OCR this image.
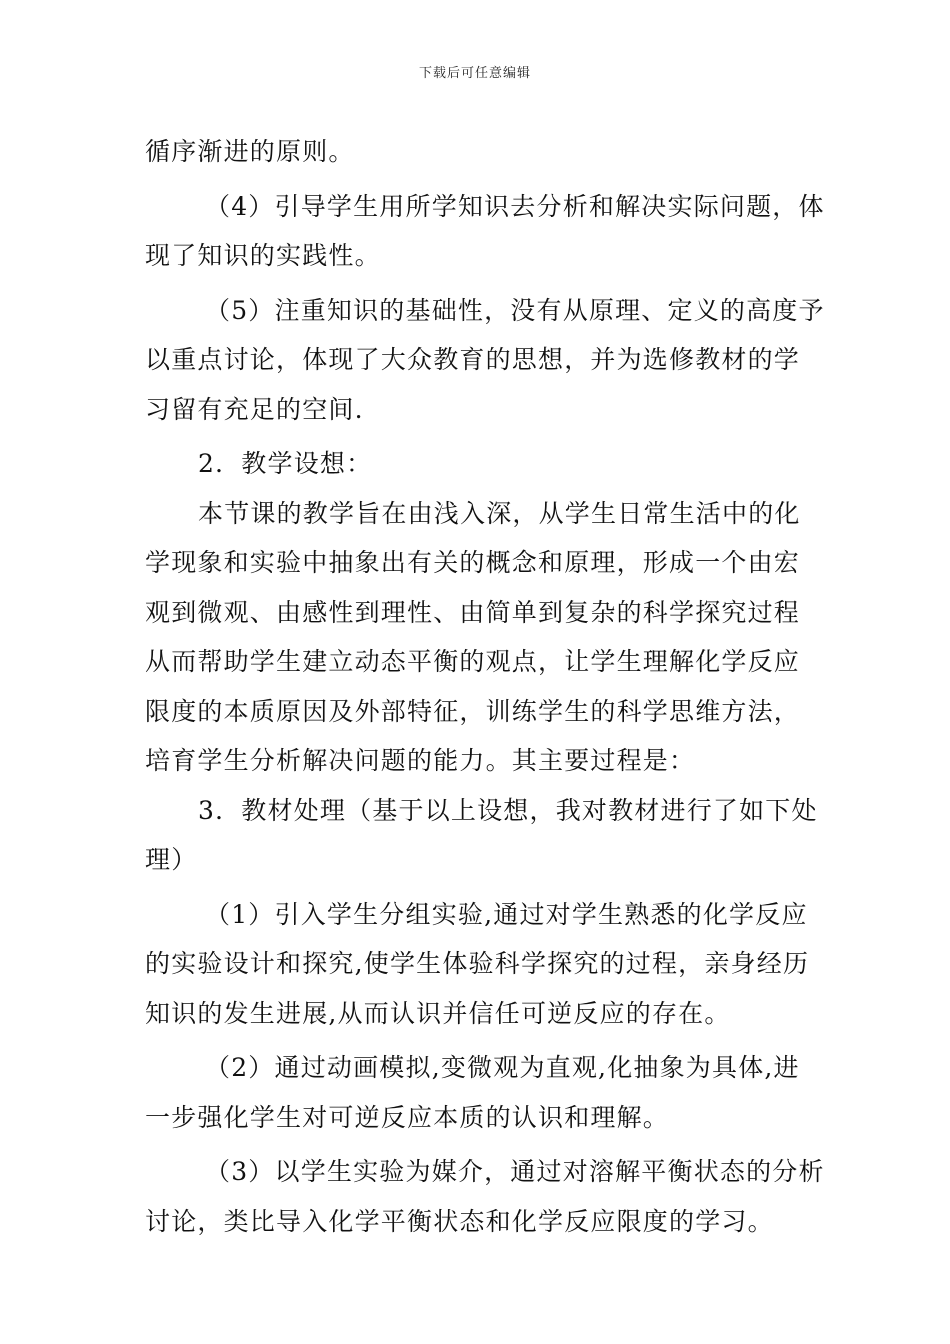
下载后可任意编辑
循序渐进的原则。
（4）引导学生用所学知识去分析和解决实际问题，体
现了知识的实践性。
（5）注重知识的基础性，没有从原理、定义的高度予
以重点讨论，体现了大众教育的思想，并为选修教材的学
习留有充足的空间.
2．教学设想：
本节课的教学旨在由浅入深，从学生日常生活中的化
学现象和实验中抽象出有关的概念和原理，形成一个由宏
观到微观、由感性到理性、由简单到复杂的科学探究过程
从而帮助学生建立动态平衡的观点，让学生理解化学反应
限度的本质原因及外部特征，训练学生的科学思维方法，
培育学生分析解决问题的能力。其主要过程是：
3．教材处理（基于以上设想，我对教材进行了如下处
理）
（1）引入学生分组实验,通过对学生熟悉的化学反应
的实验设计和探究,使学生体验科学探究的过程，亲身经历
知识的发生进展,从而认识并信任可逆反应的存在。
（2）通过动画模拟,变微观为直观,化抽象为具体,进
一步强化学生对可逆反应本质的认识和理解。
（3）以学生实验为媒介，通过对溶解平衡状态的分析
讨论，类比导入化学平衡状态和化学反应限度的学习。
